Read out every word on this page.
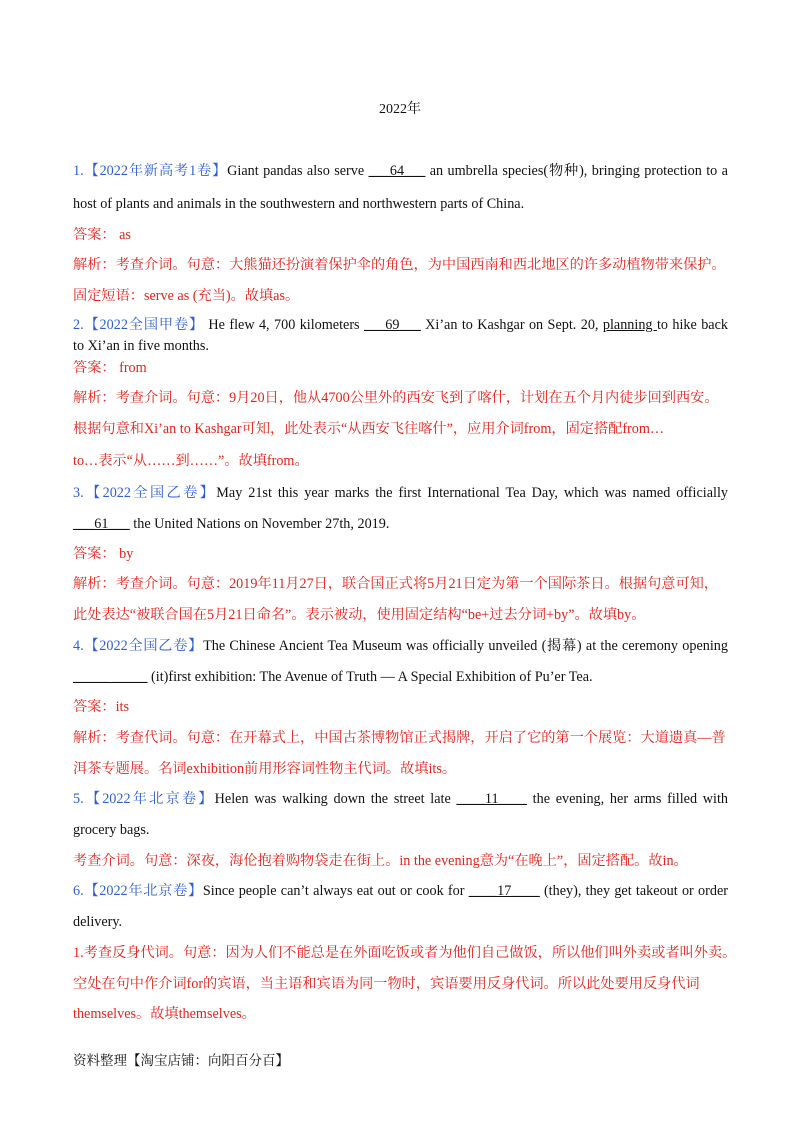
2022年
1.【2022年新高考1卷】Giant pandas also serve ___64___ an umbrella species(物种), bringing protection to a
host of plants and animals in the southwestern and northwestern parts of China.
答案： as
解析：考查介词。句意：大熊猫还扮演着保护伞的角色，为中国西南和西北地区的许多动植物带来保护。
固定短语：serve as (充当)。故填as。
2.【2022全国甲卷】 He flew 4, 700 kilometers ___69___ Xi’an to Kashgar on Sept. 20, planning to hike back
to Xi’an in five months.
答案： from
解析：考查介词。句意：9月20日，他从4700公里外的西安飞到了喀什，计划在五个月内徒步回到西安。
根据句意和Xi’an to Kashgar可知，此处表示“从西安飞往喀什”，应用介词from，固定搭配from…
to…表示“从……到……”。故填from。
3.【2022全国乙卷】May 21st this year marks the first International Tea Day, which was named officially
___61___ the United Nations on November 27th, 2019.
答案： by
解析：考查介词。句意：2019年11月27日，联合国正式将5月21日定为第一个国际茶日。根据句意可知，
此处表达“被联合国在5月21日命名”。表示被动，使用固定结构“be+过去分词+by”。故填by。
4.【2022全国乙卷】The Chinese Ancient Tea Museum was officially unveiled (揭幕) at the ceremony opening
_____ _____ (it)first exhibition: The Avenue of Truth — A Special Exhibition of Pu’er Tea.
答案：its
解析：考查代词。句意：在开幕式上，中国古茶博物馆正式揭牌，开启了它的第一个展览：大道遗真—普
洱茶专题展。名词exhibition前用形容词性物主代词。故填its。
5.【2022年北京卷】Helen was walking down the street late ____11____ the evening, her arms filled with
grocery bags.
考查介词。句意：深夜，海伦抱着购物袋走在街上。in the evening意为“在晚上”，固定搭配。故in。
6.【2022年北京卷】Since people can’t always eat out or cook for ____17____ (they), they get takeout or order
delivery.
1.考查反身代词。句意：因为人们不能总是在外面吃饭或者为他们自己做饭，所以他们叫外卖或者叫外卖。
空处在句中作介词for的宾语，当主语和宾语为同一物时，宾语要用反身代词。所以此处要用反身代词
themselves。故填themselves。
资料整理【淘宝店铺：向阳百分百】
